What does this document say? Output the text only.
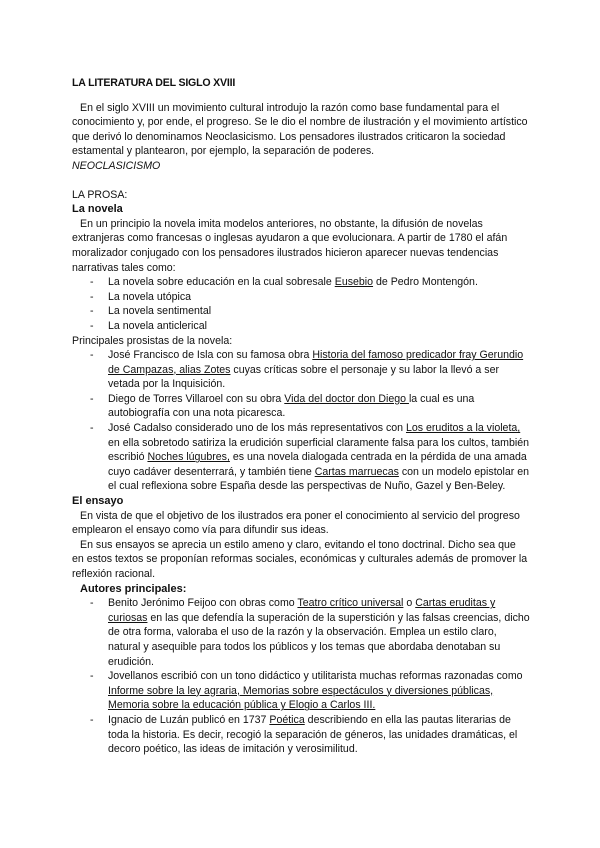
LA LITERATURA DEL SIGLO XVIII

En el siglo XVIII un movimiento cultural introdujo la razón como base fundamental para el conocimiento y, por ende, el progreso. Se le dio el nombre de ilustración y el movimiento artístico que derivó lo denominamos Neoclasicismo. Los pensadores ilustrados criticaron la sociedad estamental y plantearon, por ejemplo, la separación de poderes.

NEOCLASICISMO

LA PROSA:

La novela

En un principio la novela imita modelos anteriores, no obstante, la difusión de novelas extranjeras como francesas o inglesas ayudaron a que evolucionara. A partir de 1780 el afán moralizador conjugado con los pensadores ilustrados hicieron aparecer nuevas tendencias narrativas tales como:

- La novela sobre educación en la cual sobresale Eusebio de Pedro Montengón.
- La novela utópica
- La novela sentimental
- La novela anticlerical

Principales prosistas de la novela:

- José Francisco de Isla con su famosa obra Historia del famoso predicador fray Gerundio de Campazas, alias Zotes cuyas críticas sobre el personaje y su labor la llevó a ser vetada por la Inquisición.
- Diego de Torres Villaroel con su obra Vida del doctor don Diego la cual es una autobiografía con una nota picaresca.
- José Cadalso considerado uno de los más representativos con Los eruditos a la violeta, en ella sobretodo satiriza la erudición superficial claramente falsa para los cultos, también escribió Noches lúgubres, es una novela dialogada centrada en la pérdida de una amada cuyo cadáver desenterrará, y también tiene Cartas marruecas con un modelo epistolar en el cual reflexiona sobre España desde las perspectivas de Nuño, Gazel y Ben-Beley.

El ensayo

En vista de que el objetivo de los ilustrados era poner el conocimiento al servicio del progreso emplearon el ensayo como vía para difundir sus ideas.

En sus ensayos se aprecia un estilo ameno y claro, evitando el tono doctrinal. Dicho sea que en estos textos se proponían reformas sociales, económicas y culturales además de promover la reflexión racional.

Autores principales:

- Benito Jerónimo Feijoo con obras como Teatro crítico universal o Cartas eruditas y curiosas en las que defendía la superación de la superstición y las falsas creencias, dicho de otra forma, valoraba el uso de la razón y la observación. Emplea un estilo claro, natural y asequible para todos los públicos y los temas que abordaba denotaban su erudición.
- Jovellanos escribió con un tono didáctico y utilitarista muchas reformas razonadas como Informe sobre la ley agraria, Memorias sobre espectáculos y diversiones públicas, Memoria sobre la educación pública y Elogio a Carlos III.
- Ignacio de Luzán publicó en 1737 Poética describiendo en ella las pautas literarias de toda la historia. Es decir, recogió la separación de géneros, las unidades dramáticas, el decoro poético, las ideas de imitación y verosimilitud.
